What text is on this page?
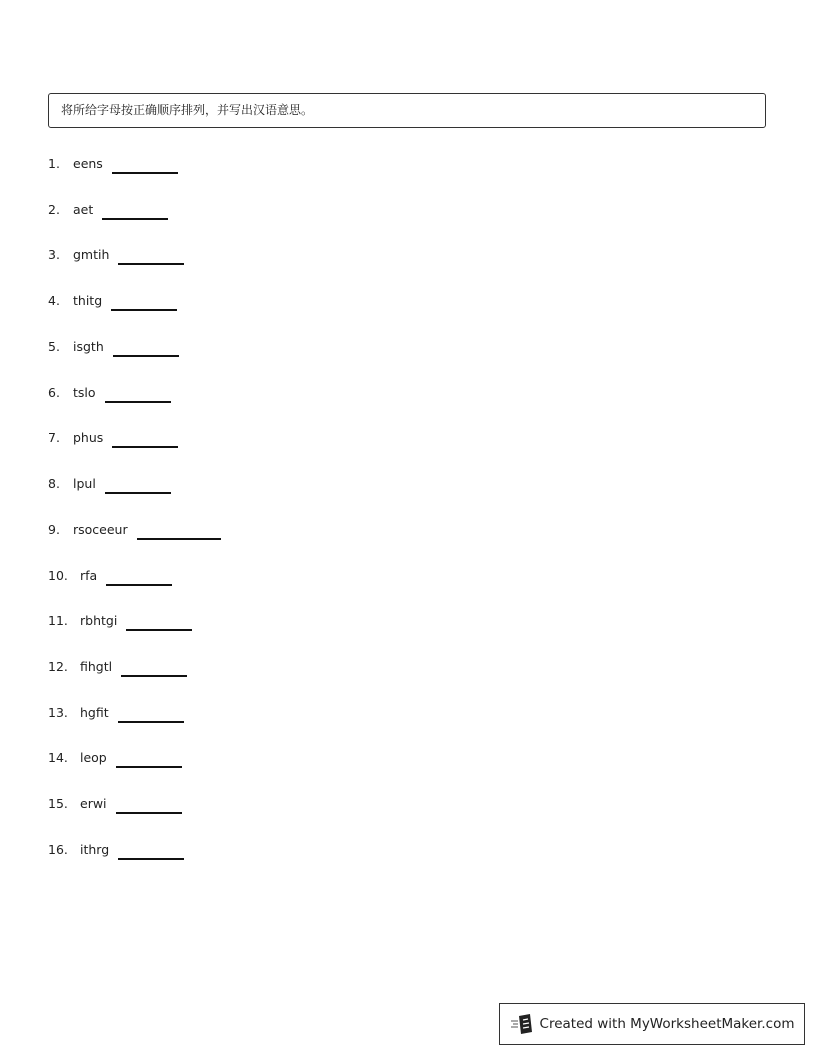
将所给字母按正确顺序排列，并写出汉语意思。
1.	eens
2.	aet
3.	gmtih
4.	thitg
5.	isgth
6.	tslo
7.	phus
8.	lpul
9.	rsoceeur
10. rfa
11. rbhtgi
12. fihgtl
13. hgfit
14. leop
15. erwi
16. ithrg
Created with MyWorksheetMaker.com
